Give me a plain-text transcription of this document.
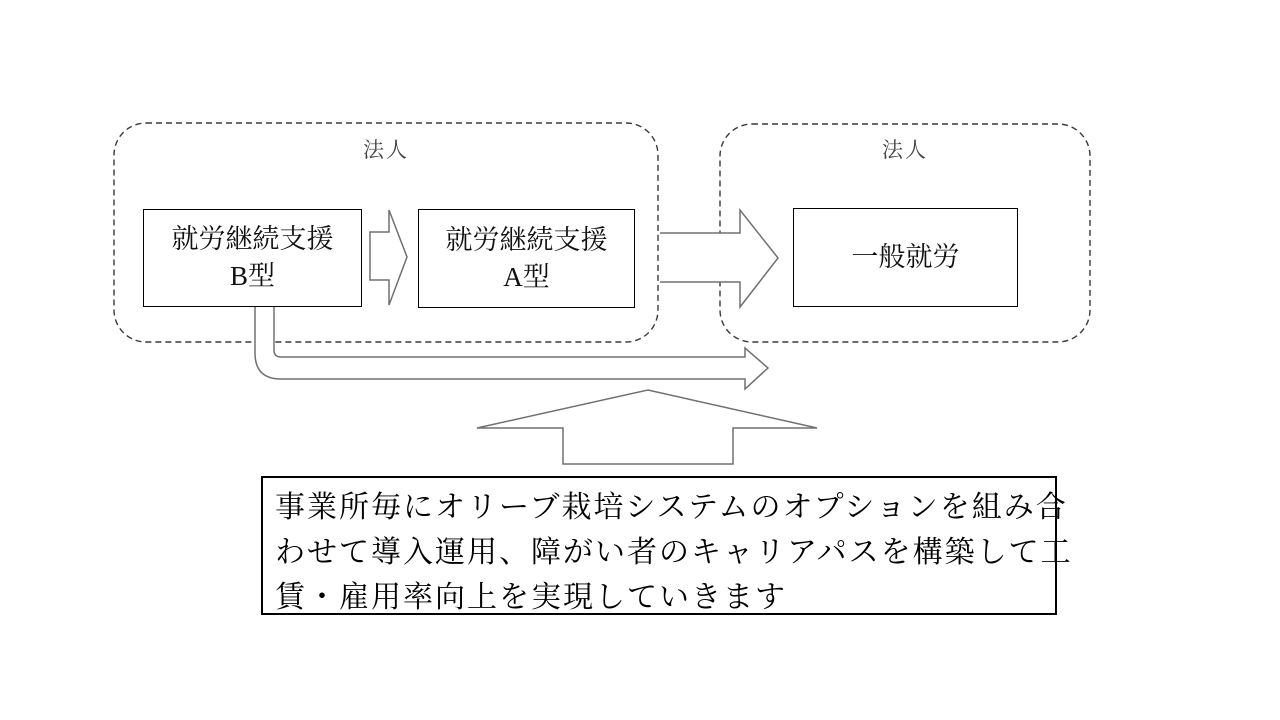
法人	法人
就労継続支援
B型
就労継続支援
A型
一般就労
事業所毎にオリーブ栽培システムのオプションを組み合
わせて導入運用、障がい者のキャリアパスを構築して工
賃・雇用率向上を実現していきます
